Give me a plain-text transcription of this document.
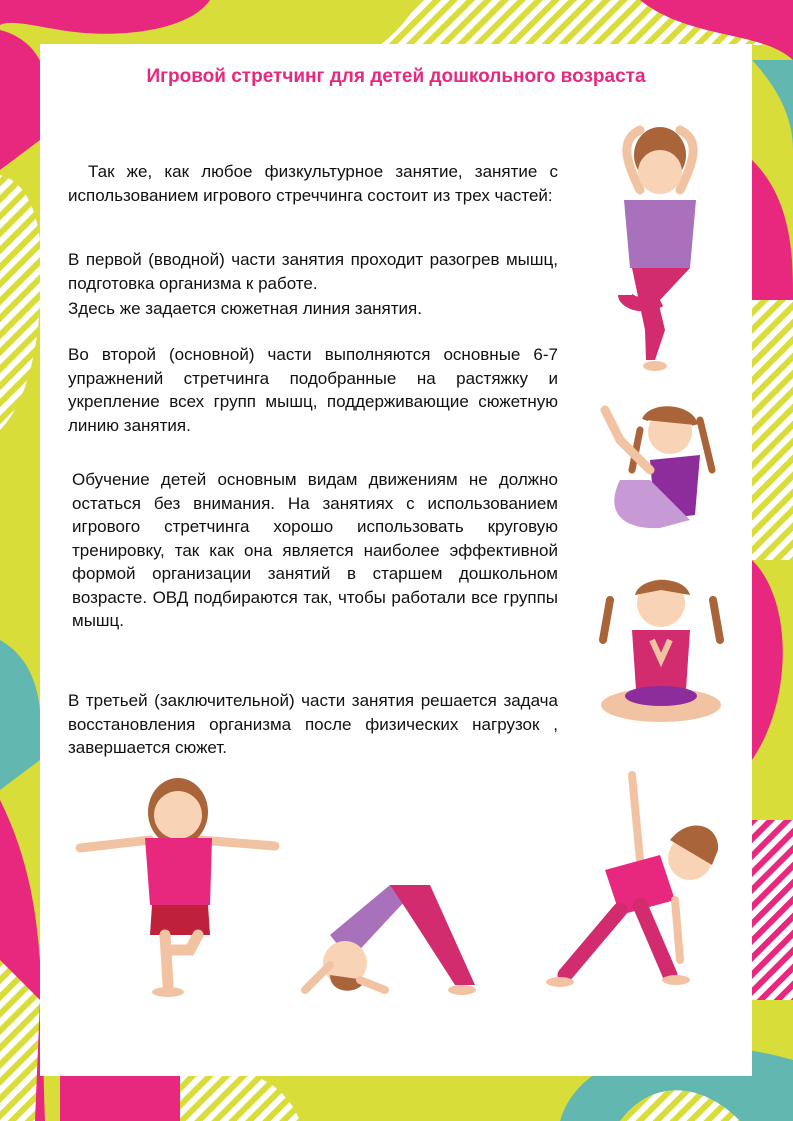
Игровой стретчинг для детей дошкольного возраста

Так же, как любое физкультурное занятие, занятие с использованием игрового стреччинга состоит из трех частей:

В первой (вводной) части занятия проходит разогрев мышц, подготовка организма к работе.

Здесь же задается сюжетная линия занятия.

Во второй (основной) части выполняются основные 6-7 упражнений стретчинга подобранные на растяжку и укрепление всех групп мышц, поддерживающие сюжетную линию занятия.

Обучение детей основным видам движениям не должно остаться без внимания. На занятиях с использованием игрового стретчинга хорошо использовать круговую тренировку, так как она является наиболее эффективной формой организации занятий в старшем дошкольном возрасте. ОВД подбираются так, чтобы работали все группы мышц.

В третьей (заключительной) части занятия решается задача восстановления организма после физических нагрузок , завершается сюжет.
